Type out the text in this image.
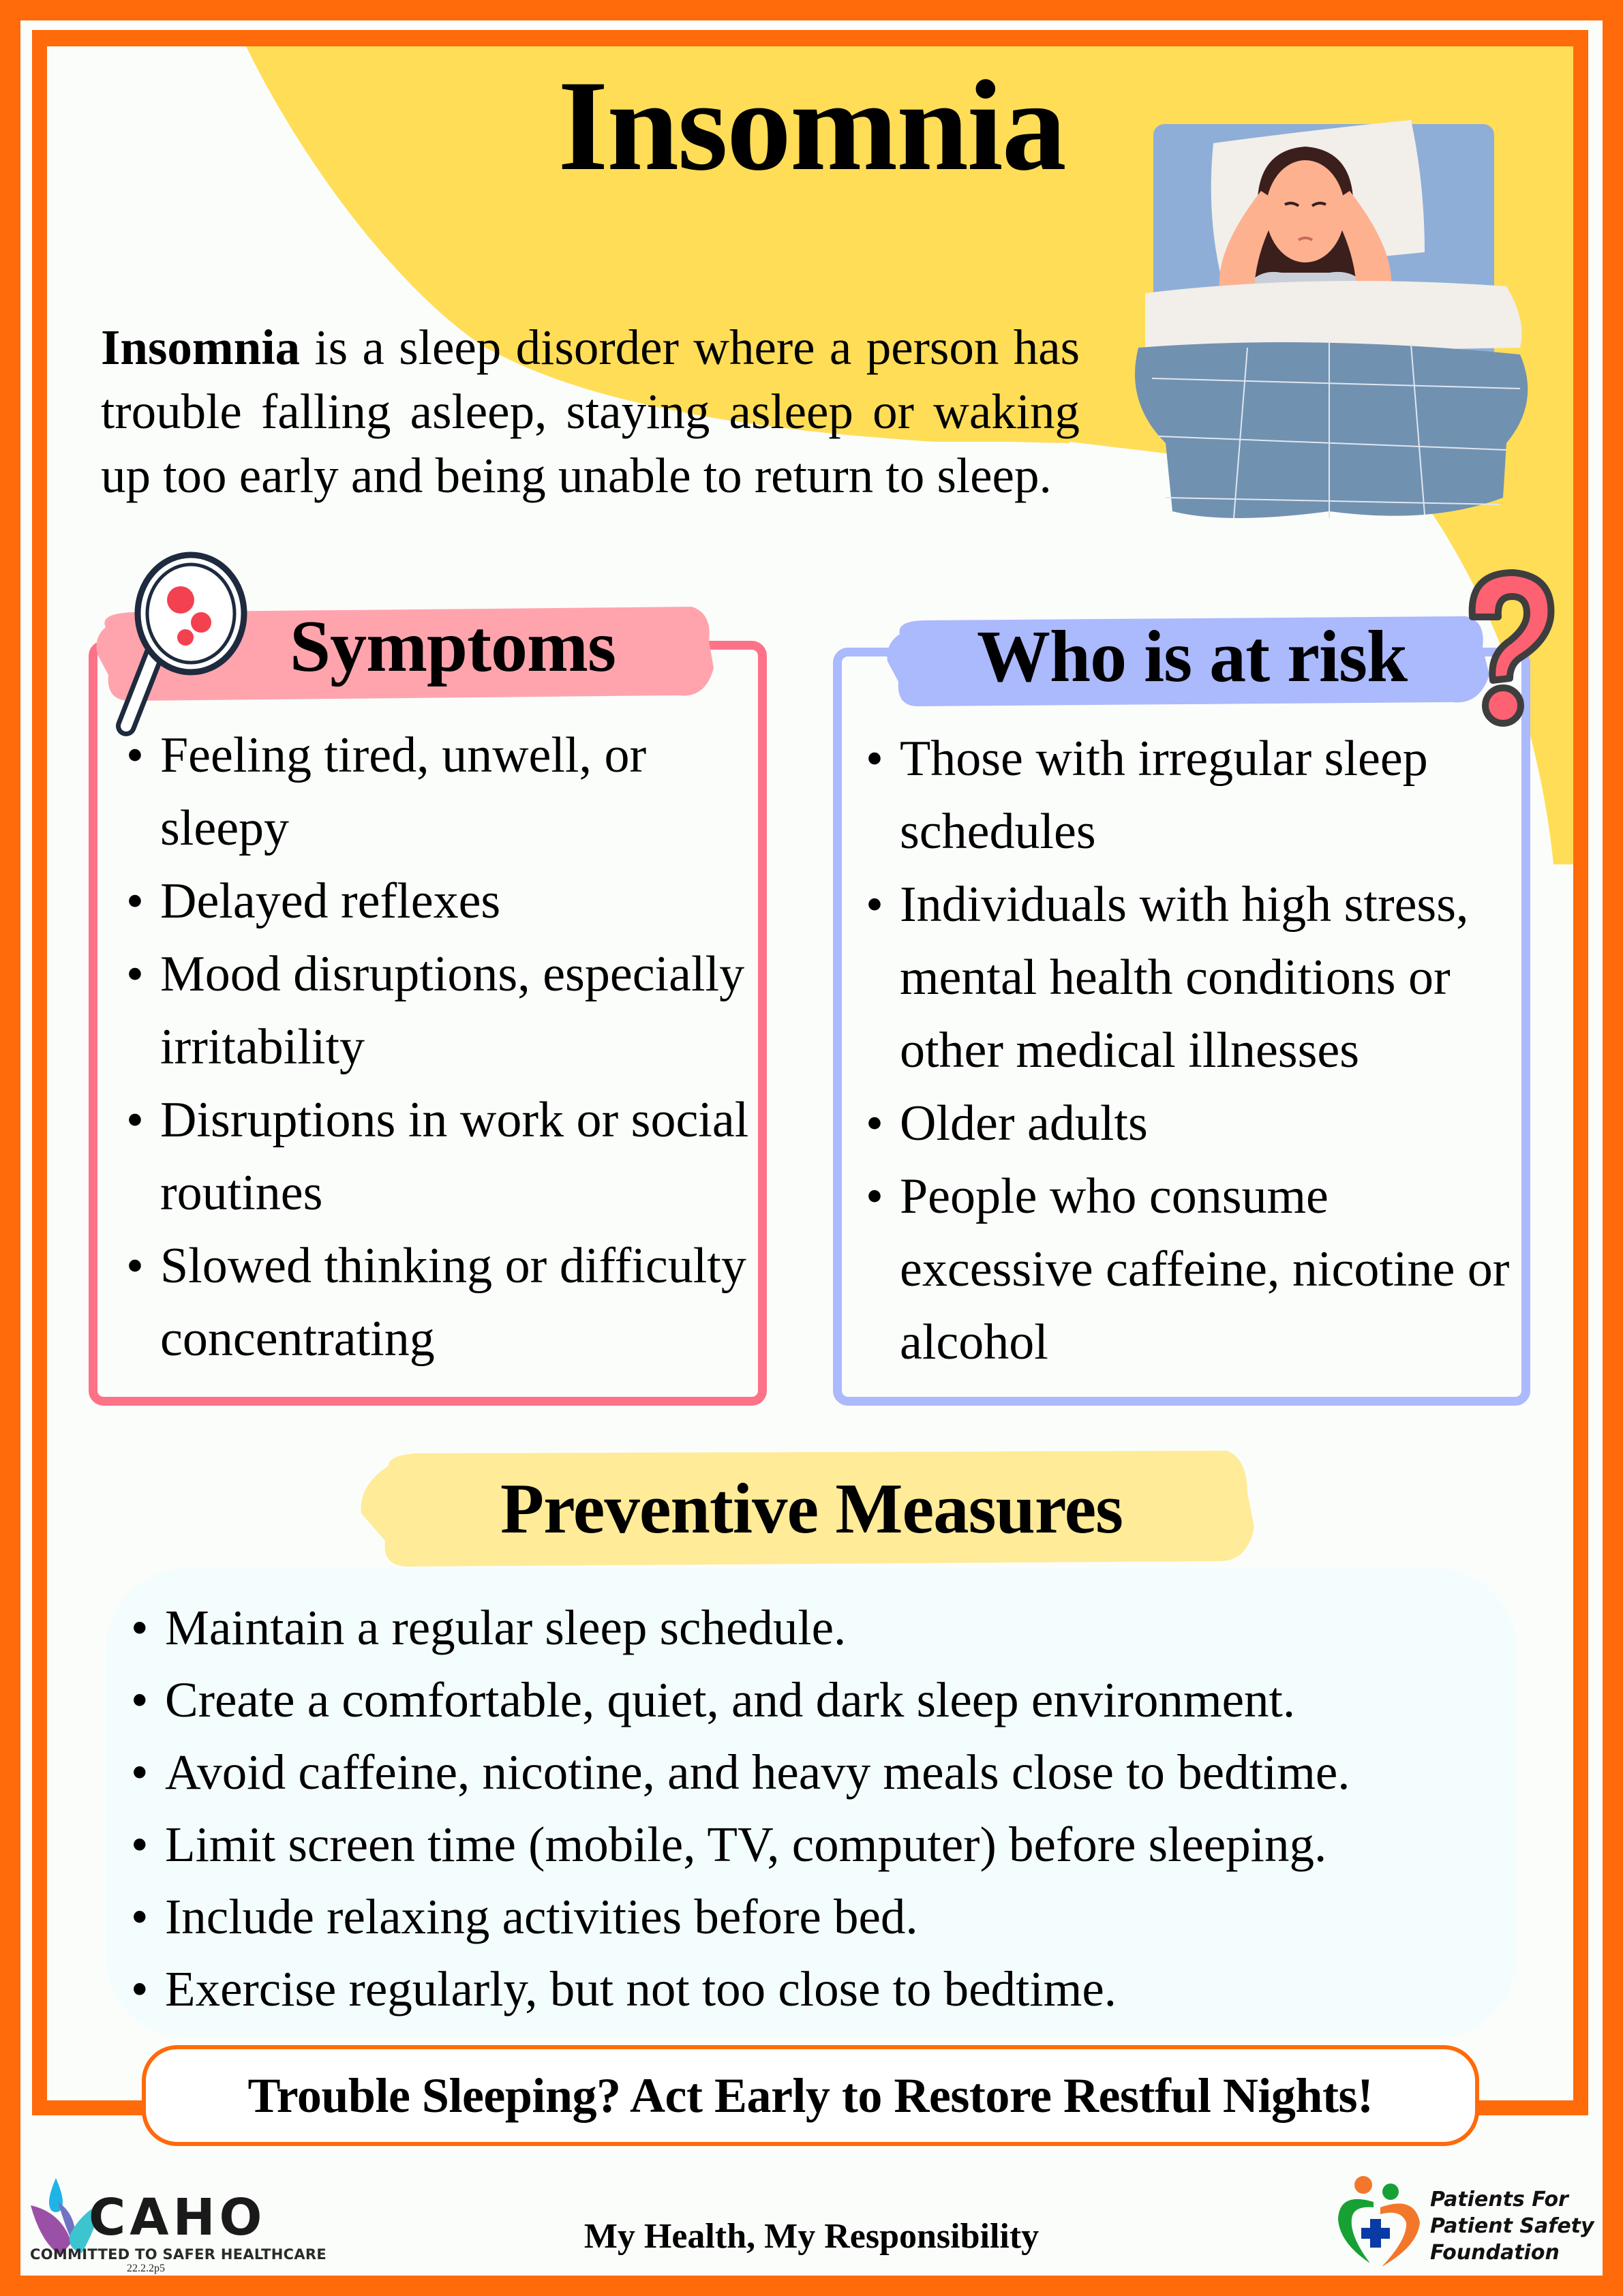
Insomnia

Insomnia is a sleep disorder where a person has trouble falling asleep, staying asleep or waking up too early and being unable to return to sleep.

Symptoms
• Feeling tired, unwell, or sleepy
• Delayed reflexes
• Mood disruptions, especially irritability
• Disruptions in work or social routines
• Slowed thinking or difficulty concentrating
Who is at risk
• Those with irregular sleep schedules
• Individuals with high stress, mental health conditions or other medical illnesses
• Older adults
• People who consume excessive caffeine, nicotine or alcohol
Preventive Measures
• Maintain a regular sleep schedule.
• Create a comfortable, quiet, and dark sleep environment.
• Avoid caffeine, nicotine, and heavy meals close to bedtime.
• Limit screen time (mobile, TV, computer) before sleeping.
• Include relaxing activities before bed.
• Exercise regularly, but not too close to bedtime.
Trouble Sleeping? Act Early to Restore Restful Nights!
CAHO
COMMITTED TO SAFER HEALTHCARE
22.2.2p5
My Health, My Responsibility
Patients For
Patient Safety
Foundation
